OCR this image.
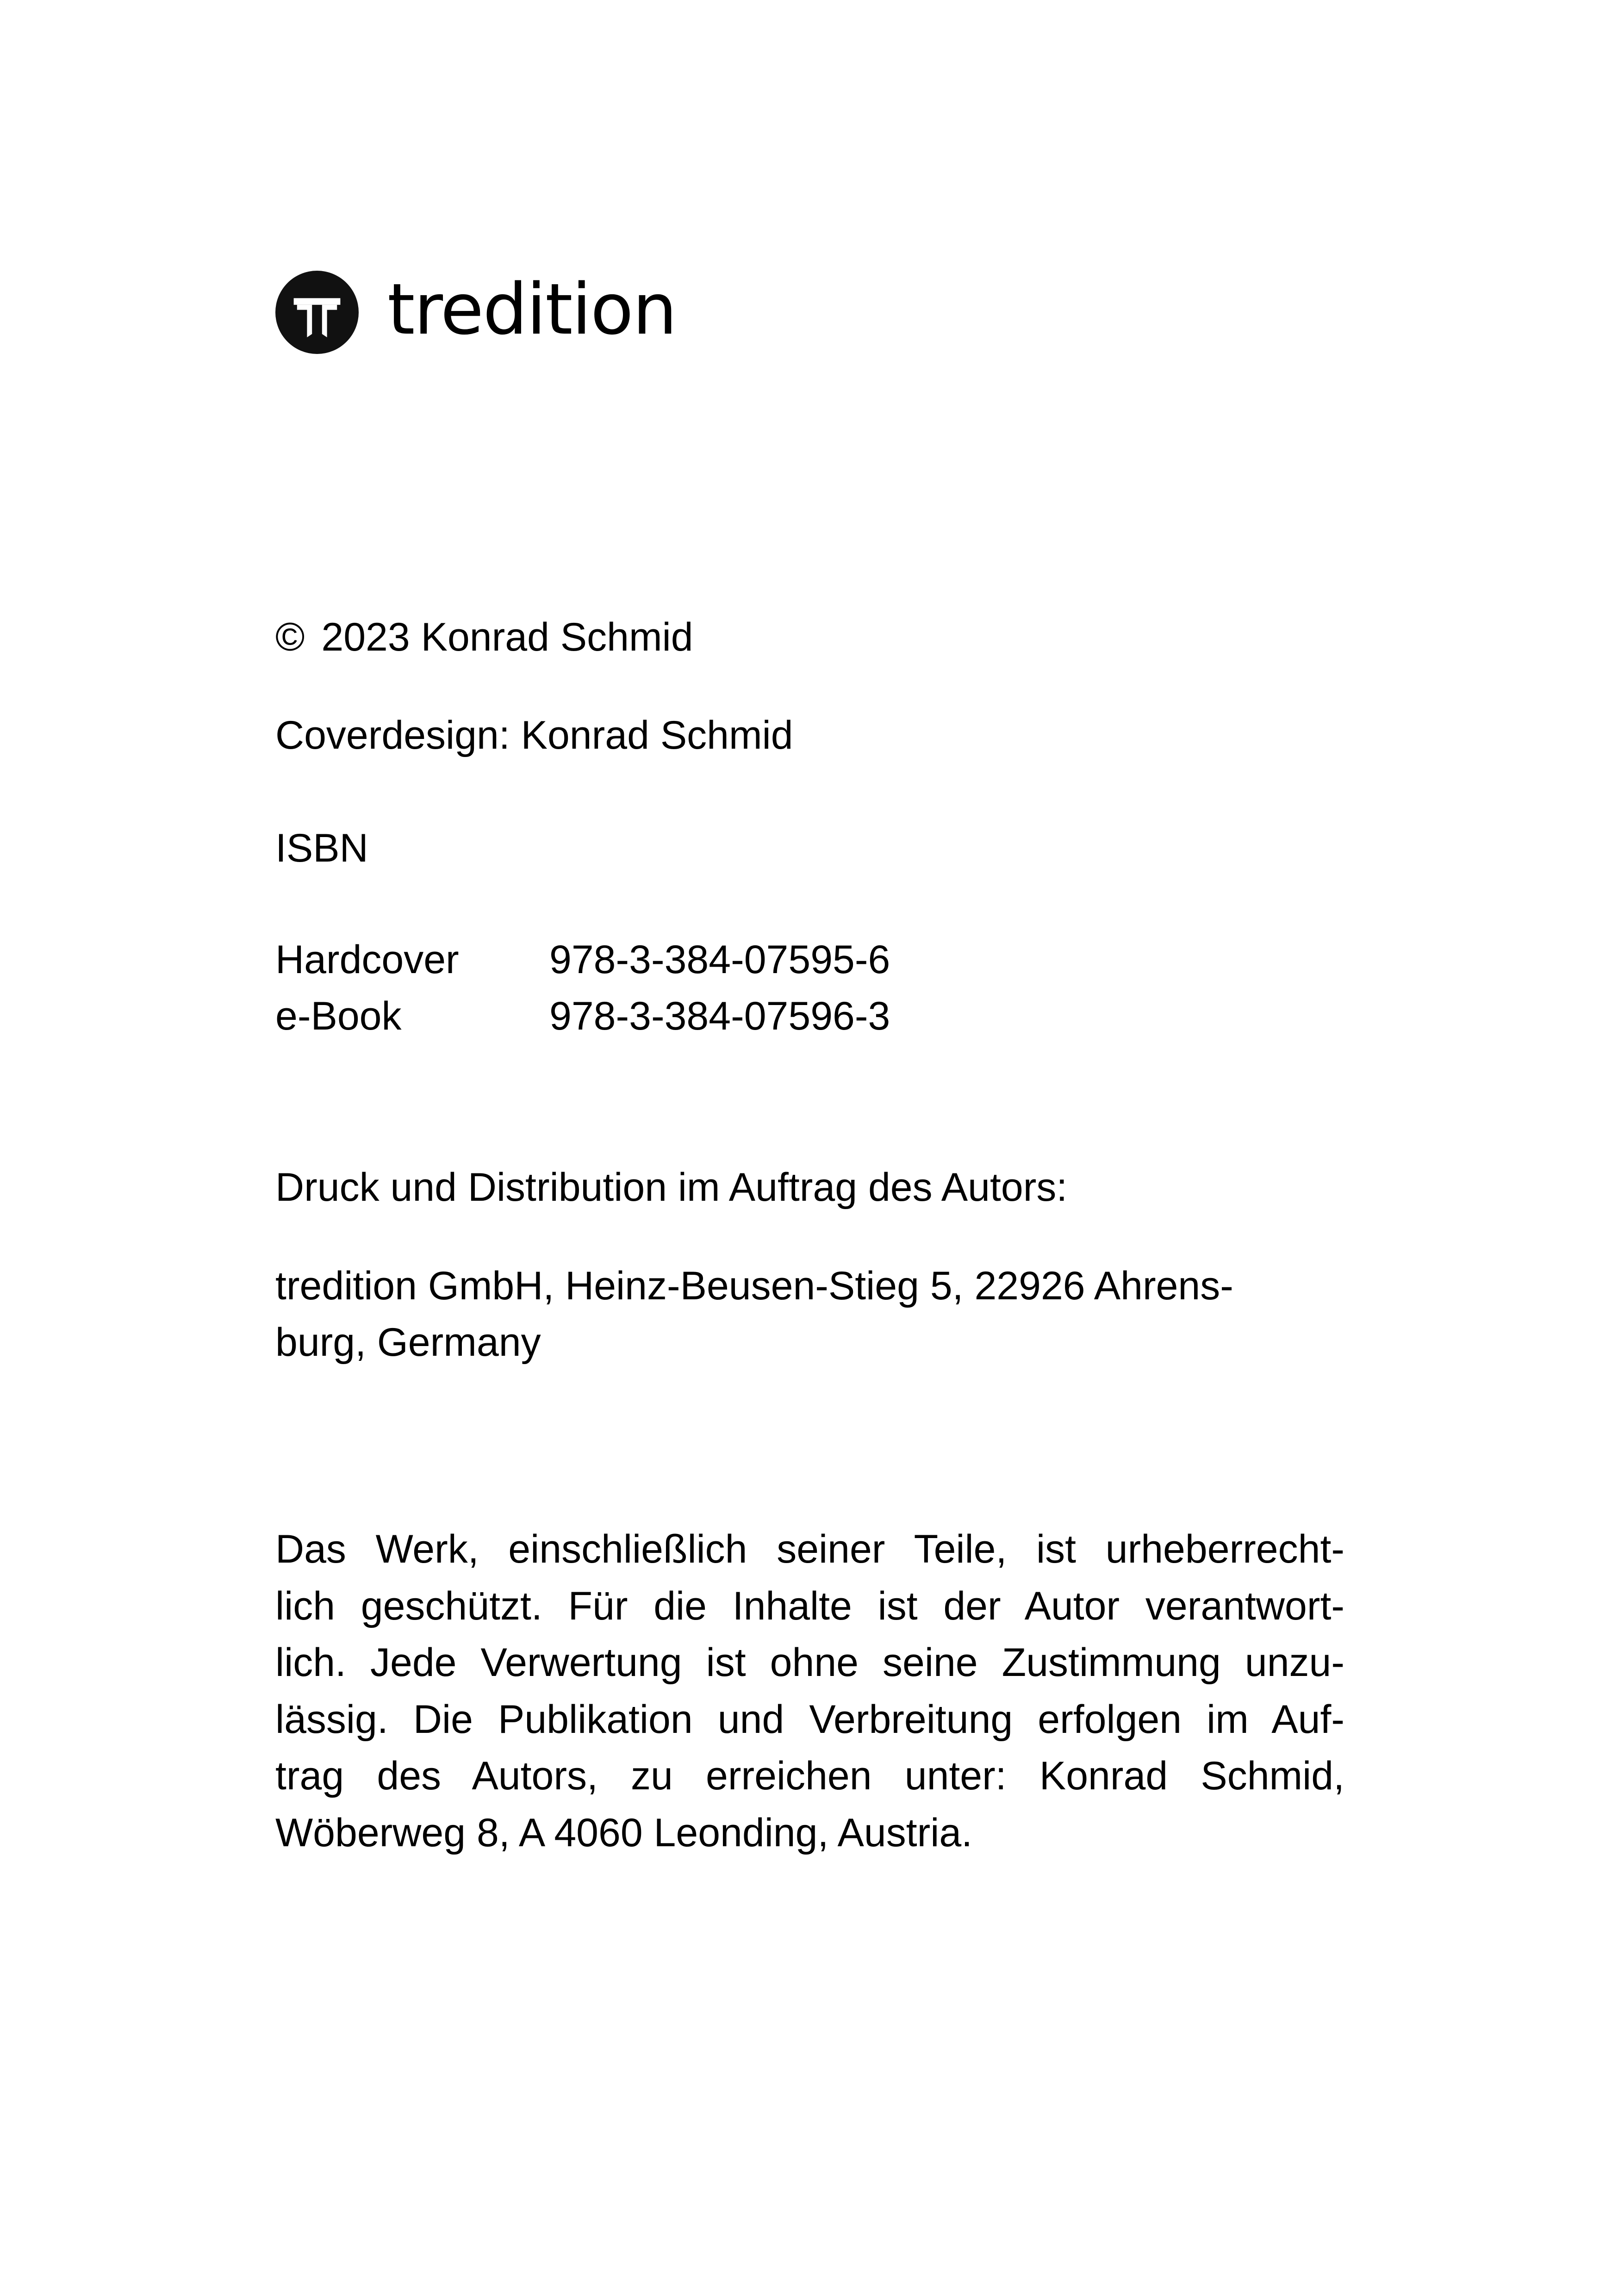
tredition
© 2023 Konrad Schmid
Coverdesign: Konrad Schmid
ISBN
Hardcover 978-3-384-07595-6
e-Book	978-3-384-07596-3
Druck und Distribution im Auftrag des Autors:
tredition GmbH, Heinz-Beusen-Stieg 5, 22926 Ahrens-
burg, Germany
Das Werk, einschließlich seiner Teile, ist urheberrecht-
lich geschützt. Für die Inhalte ist der Autor verantwort-
lich. Jede Verwertung ist ohne seine Zustimmung unzu-
lässig. Die Publikation und Verbreitung erfolgen im Auf-
trag des Autors, zu erreichen unter: Konrad Schmid,
Wöberweg 8, A 4060 Leonding, Austria.
